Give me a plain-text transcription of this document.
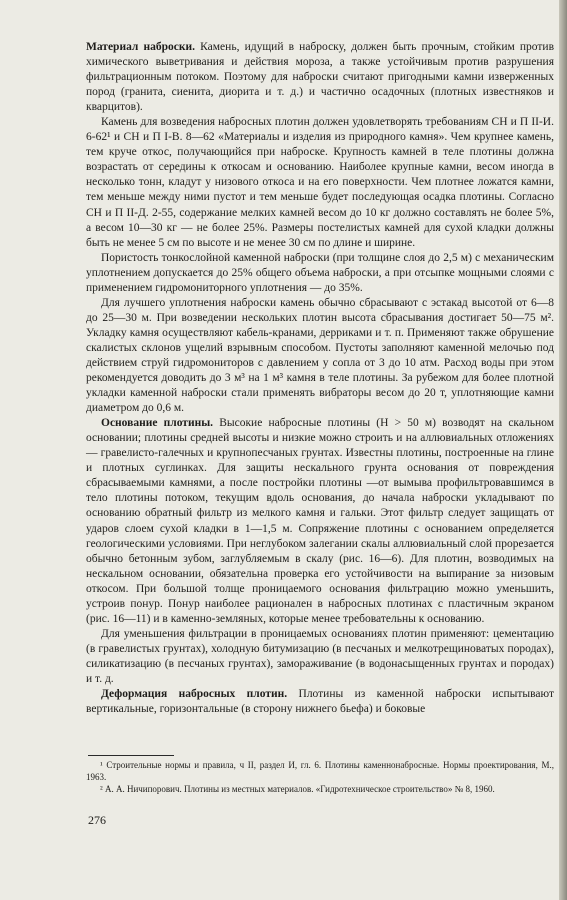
Материал наброски. Камень, идущий в наброску, должен быть прочным, стойким против химического выветривания и действия мороза, а также устойчивым против разрушения фильтрационным потоком. Поэтому для наброски считают пригодными камни изверженных пород (гранита, сиенита, диорита и т. д.) и частично осадочных (плотных известняков и кварцитов).

Камень для возведения набросных плотин должен удовлетворять требованиям СН и П II-И. 6-62¹ и СН и П I-В. 8—62 «Материалы и изделия из природного камня». Чем крупнее камень, тем круче откос, получающийся при наброске. Крупность камней в теле плотины должна возрастать от середины к откосам и основанию. Наиболее крупные камни, весом иногда в несколько тонн, кладут у низового откоса и на его поверхности. Чем плотнее ложатся камни, тем меньше между ними пустот и тем меньше будет последующая осадка плотины. Согласно СН и П II-Д. 2-55, содержание мелких камней весом до 10 кг должно составлять не более 5%, а весом 10—30 кг — не более 25%. Размеры постелистых камней для сухой кладки должны быть не менее 5 см по высоте и не менее 30 см по длине и ширине.

Пористость тонкослойной каменной наброски (при толщине слоя до 2,5 м) с механическим уплотнением допускается до 25% общего объема наброски, а при отсыпке мощными слоями с применением гидромониторного уплотнения — до 35%.

Для лучшего уплотнения наброски камень обычно сбрасывают с эстакад высотой от 6—8 до 25—30 м. При возведении нескольких плотин высота сбрасывания достигает 50—75 м². Укладку камня осуществляют кабель-кранами, дерриками и т. п. Применяют также обрушение скалистых склонов ущелий взрывным способом. Пустоты заполняют каменной мелочью под действием струй гидромониторов с давлением у сопла от 3 до 10 атм. Расход воды при этом рекомендуется доводить до 3 м³ на 1 м³ камня в теле плотины. За рубежом для более плотной укладки каменной наброски стали применять вибраторы весом до 20 т, уплотняющие камни диаметром до 0,6 м.

Основание плотины. Высокие набросные плотины (Н > 50 м) возводят на скальном основании; плотины средней высоты и низкие можно строить и на аллювиальных отложениях — гравелисто-галечных и крупнопесчаных грунтах. Известны плотины, построенные на глине и плотных суглинках. Для защиты нескального грунта основания от повреждения сбрасываемыми камнями, а после постройки плотины —от вымыва профильтровавшимся в тело плотины потоком, текущим вдоль основания, до начала наброски укладывают по основанию обратный фильтр из мелкого камня и гальки. Этот фильтр следует защищать от ударов слоем сухой кладки в 1—1,5 м. Сопряжение плотины с основанием определяется геологическими условиями. При неглубоком залегании скалы аллювиальный слой прорезается обычно бетонным зубом, заглубляемым в скалу (рис. 16—6). Для плотин, возводимых на нескальном основании, обязательна проверка его устойчивости на выпирание за низовым откосом. При большой толще проницаемого основания фильтрацию можно уменьшить, устроив понур. Понур наиболее рационален в набросных плотинах с пластичным экраном (рис. 16—11) и в каменно-земляных, которые менее требовательны к основанию.

Для уменьшения фильтрации в проницаемых основаниях плотин применяют: цементацию (в гравелистых грунтах), холодную битумизацию (в песчаных и мелкотрещиноватых породах), силикатизацию (в песчаных грунтах), замораживание (в водонасыщенных грунтах и породах) и т. д.

Деформация набросных плотин. Плотины из каменной наброски испытывают вертикальные, горизонтальные (в сторону нижнего бьефа) и боковые

¹ Строительные нормы и правила, ч II, раздел И, гл. 6. Плотины каменнонабросные. Нормы проектирования, М., 1963.

² А. А. Ничипорович. Плотины из местных материалов. «Гидротехническое строительство» № 8, 1960.

276
